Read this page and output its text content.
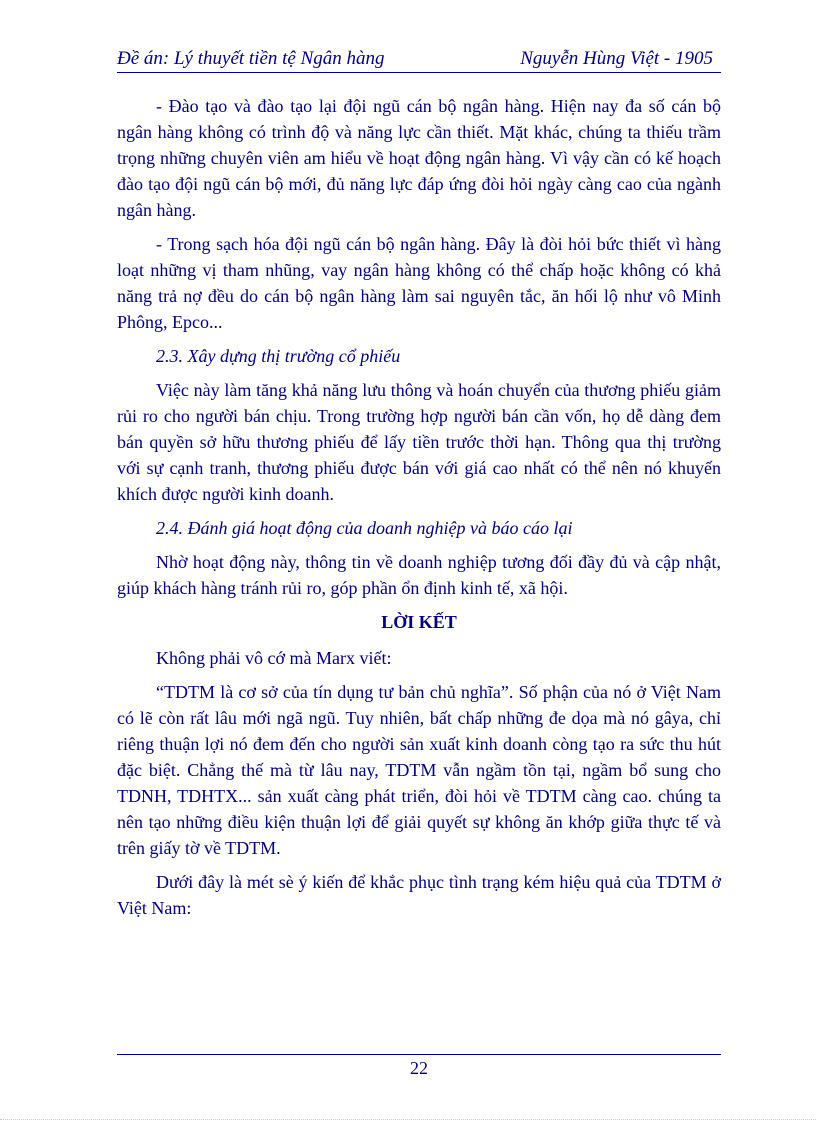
Đề án: Lý thuyết tiền tệ Ngân hàng	Nguyễn Hùng Việt - 1905

- Đào tạo và đào tạo lại đội ngũ cán bộ ngân hàng. Hiện nay đa số cán bộ ngân hàng không có trình độ và năng lực cần thiết. Mặt khác, chúng ta thiếu trầm trọng những chuyên viên am hiểu về hoạt động ngân hàng. Vì vậy cần có kế hoạch đào tạo đội ngũ cán bộ mới, đủ năng lực đáp ứng đòi hỏi ngày càng cao của ngành ngân hàng.

- Trong sạch hóa đội ngũ cán bộ ngân hàng. Đây là đòi hỏi bức thiết vì hàng loạt những vị tham nhũng, vay ngân hàng không có thể chấp hoặc không có khả năng trả nợ đều do cán bộ ngân hàng làm sai nguyên tắc, ăn hối lộ như vô Minh Phông, Epco...

2.3. Xây dựng thị trường cổ phiếu

Việc này làm tăng khả năng lưu thông và hoán chuyển của thương phiếu giảm rủi ro cho người bán chịu. Trong trường hợp người bán cần vốn, họ dễ dàng đem bán quyền sở hữu thương phiếu để lấy tiền trước thời hạn. Thông qua thị trường với sự cạnh tranh, thương phiếu được bán với giá cao nhất có thể nên nó khuyến khích được người kinh doanh.

2.4. Đánh giá hoạt động của doanh nghiệp và báo cáo lại

Nhờ hoạt động này, thông tin về doanh nghiệp tương đối đầy đủ và cập nhật, giúp khách hàng tránh rủi ro, góp phần ổn định kinh tế, xã hội.

LỜI KẾT

Không phải vô cớ mà Marx viết:

“TDTM là cơ sở của tín dụng tư bản chủ nghĩa”. Số phận của nó ở Việt Nam có lẽ còn rất lâu mới ngã ngũ. Tuy nhiên, bất chấp những đe dọa mà nó gâya, chỉ riêng thuận lợi nó đem đến cho người sản xuất kinh doanh còng tạo ra sức thu hút đặc biệt. Chẳng thế mà từ lâu nay, TDTM vẫn ngầm tồn tại, ngầm bổ sung cho TDNH, TDHTX... sản xuất càng phát triển, đòi hỏi về TDTM càng cao. chúng ta nên tạo những điều kiện thuận lợi để giải quyết sự không ăn khớp giữa thực tế và trên giấy tờ về TDTM.

Dưới đây là mét sè ý kiến để khắc phục tình trạng kém hiệu quả của TDTM ở Việt Nam:

22
